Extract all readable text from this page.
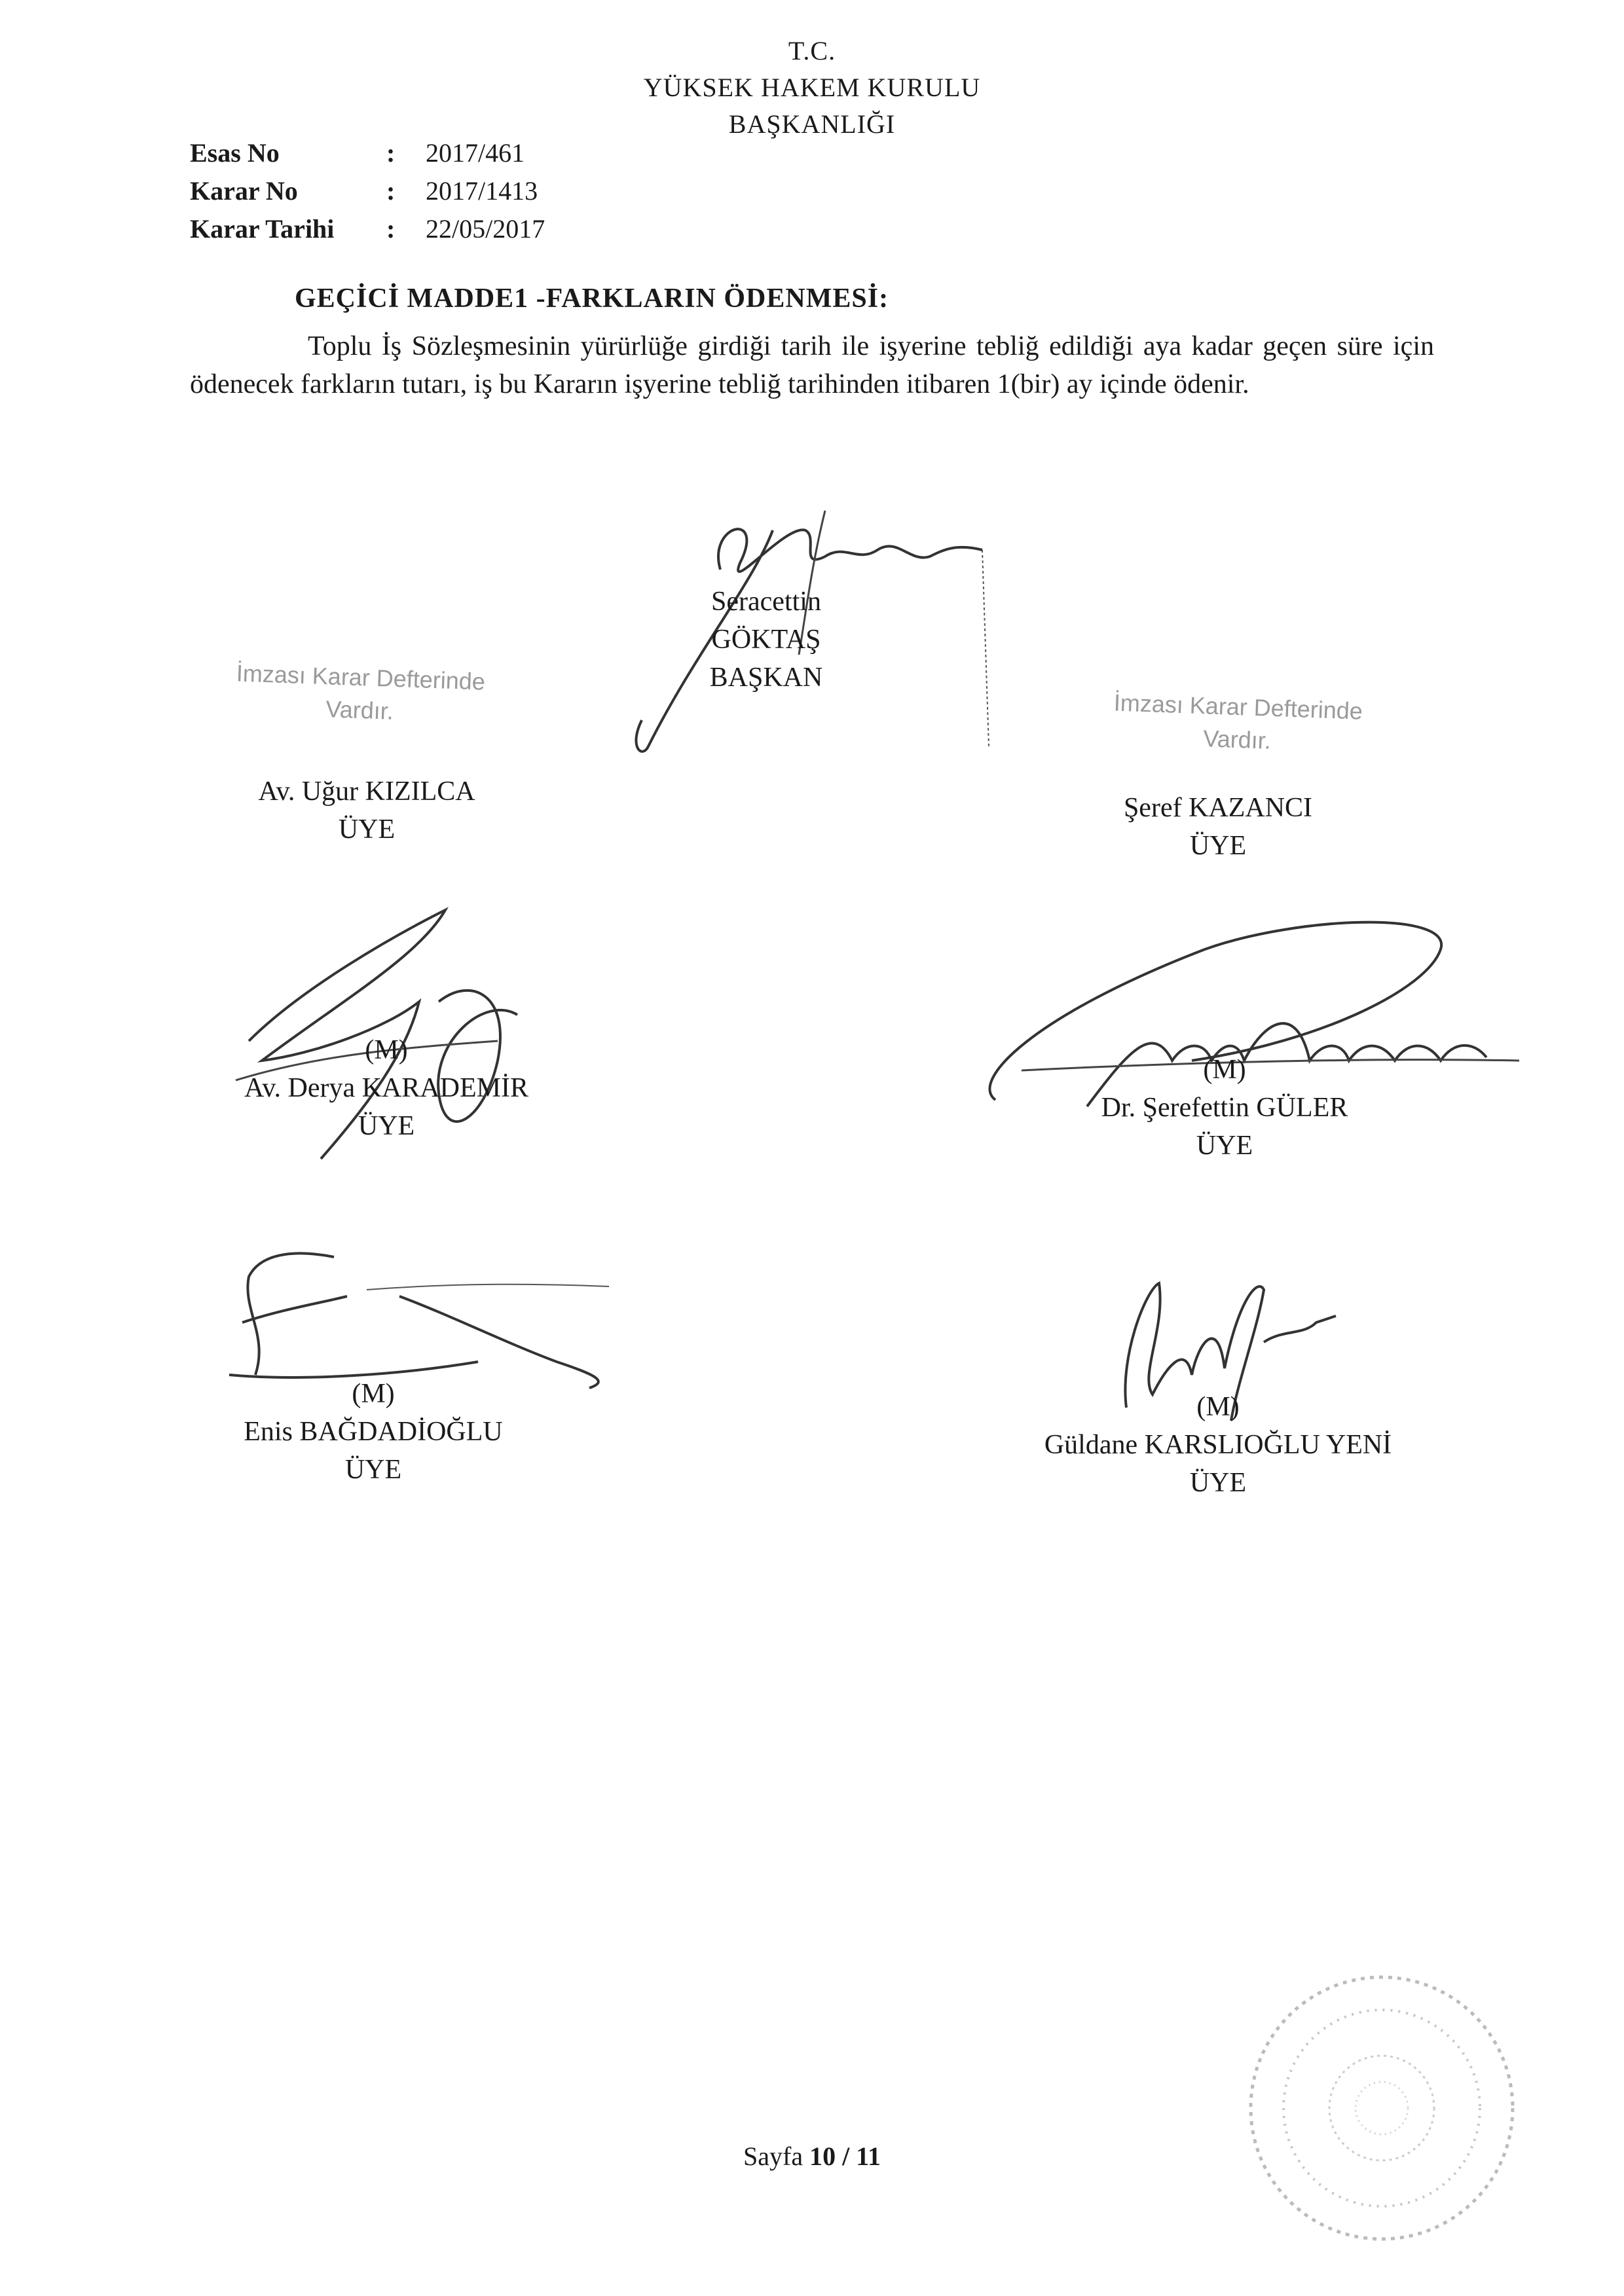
T.C.
YÜKSEK HAKEM KURULU
BAŞKANLIĞI
Esas No	: 2017/461
Karar No	: 2017/1413
Karar Tarihi : 22/05/2017
GEÇİCİ MADDE1 -FARKLARIN ÖDENMESİ:
Toplu İş Sözleşmesinin yürürlüğe girdiği tarih ile işyerine tebliğ edildiği aya kadar geçen süre için ödenecek farkların tutarı, iş bu Kararın işyerine tebliğ tarihinden itibaren 1(bir) ay içinde ödenir.
Seracettin GÖKTAŞ
BAŞKAN
İmzası Karar Defterinde
Vardır.
Av. Uğur KIZILCA
ÜYE
İmzası Karar Defterinde
Vardır.
Şeref KAZANCI
ÜYE
(M)
Av. Derya KARADEMİR
ÜYE
(M)
Dr. Şerefettin GÜLER
ÜYE
(M)
Enis BAĞDADİOĞLU
ÜYE
(M)
Güldane KARSLIOĞLU YENİ
ÜYE
Sayfa 10 / 11
